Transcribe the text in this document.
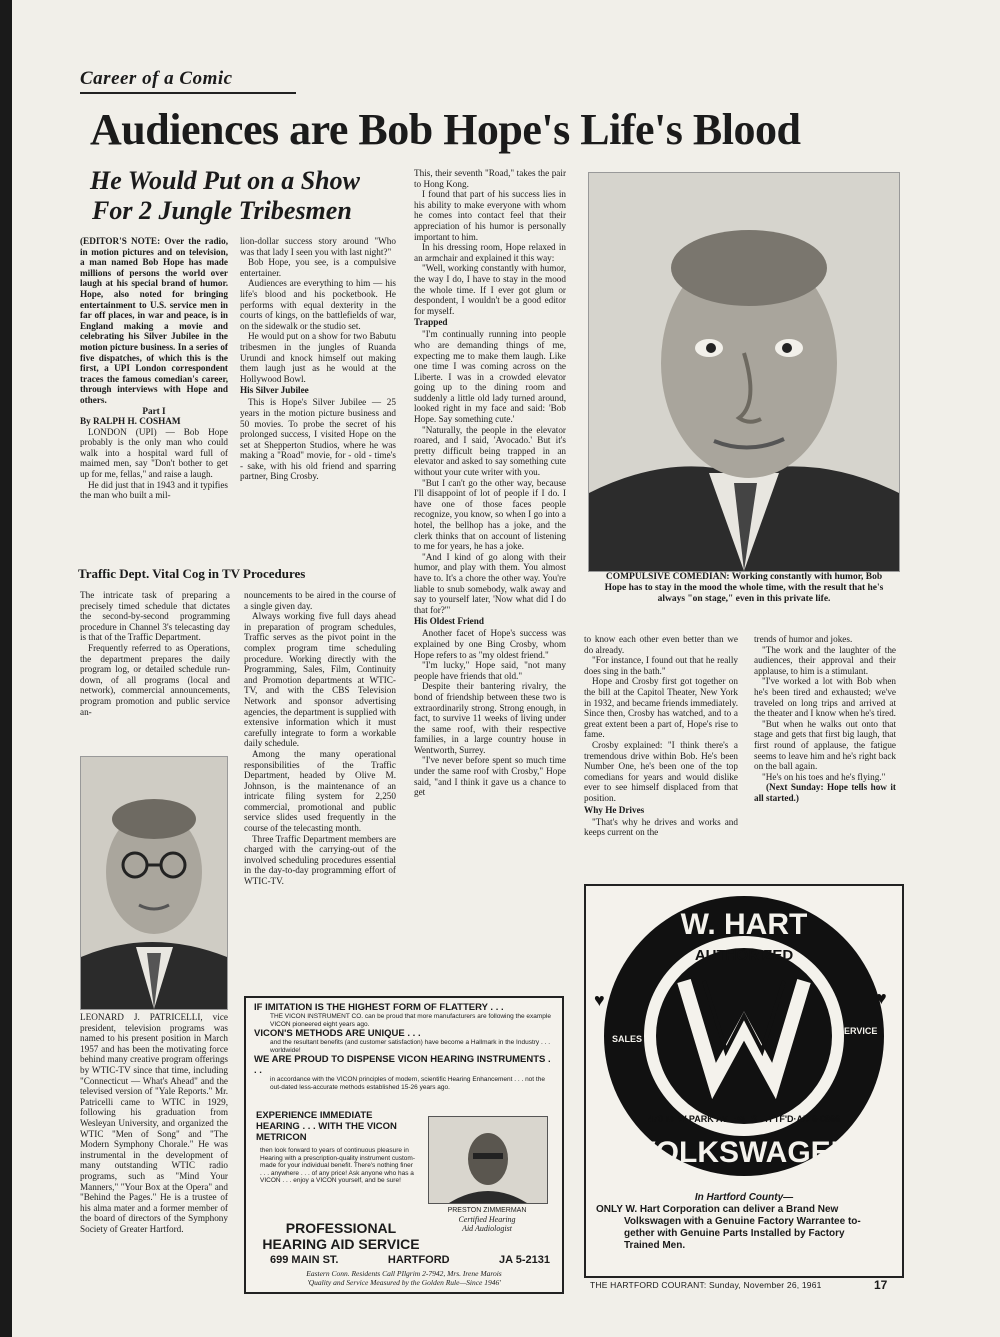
Career of a Comic
Audiences are Bob Hope's Life's Blood
He Would Put on a Show
For 2 Jungle Tribesmen

(EDITOR'S NOTE: Over the radio, in motion pictures and on television, a man named Bob Hope has made millions of persons the world over laugh at his special brand of humor. Hope, also noted for bringing entertainment to U.S. service men in far off places, in war and peace, is in England making a movie and celebrating his Silver Jubilee in the motion picture business. In a series of five dispatches, of which this is the first, a UPI London correspondent traces the famous comedian's career, through interviews with Hope and others.

Part I

By RALPH H. COSHAM

LONDON (UPI) — Bob Hope probably is the only man who could walk into a hospital ward full of maimed men, say "Don't bother to get up for me, fellas," and raise a laugh.

He did just that in 1943 and it typifies the man who built a mil-

lion-dollar success story around "Who was that lady I seen you with last night?"

Bob Hope, you see, is a compulsive entertainer.

Audiences are everything to him — his life's blood and his pocketbook. He performs with equal dexterity in the courts of kings, on the battlefields of war, on the sidewalk or the studio set.

He would put on a show for two Babutu tribesmen in the jungles of Ruanda Urundi and knock himself out making them laugh just as he would at the Hollywood Bowl.

His Silver Jubilee

This is Hope's Silver Jubilee — 25 years in the motion picture business and 50 movies. To probe the secret of his prolonged success, I visited Hope on the set at Shepperton Studios, where he was making a "Road" movie, for - old - time's - sake, with his old friend and sparring partner, Bing Crosby.

This, their seventh "Road," takes the pair to Hong Kong.

I found that part of his success lies in his ability to make everyone with whom he comes into contact feel that their appreciation of his humor is personally important to him.

In his dressing room, Hope relaxed in an armchair and explained it this way:

"Well, working constantly with humor, the way I do, I have to stay in the mood the whole time. If I ever got glum or despondent, I wouldn't be a good editor for myself.

Trapped

"I'm continually running into people who are demanding things of me, expecting me to make them laugh. Like one time I was coming across on the Liberte. I was in a crowded elevator going up to the dining room and suddenly a little old lady turned around, looked right in my face and said: 'Bob Hope. Say something cute.'

"Naturally, the people in the elevator roared, and I said, 'Avocado.' But it's pretty difficult being trapped in an elevator and asked to say something cute without your cute writer with you.

"But I can't go the other way, because I'll disappoint of lot of people if I do. I have one of those faces people recognize, you know, so when I go into a hotel, the bellhop has a joke, and the clerk thinks that on account of listening to me for years, he has a joke.

"And I kind of go along with their humor, and play with them. You almost have to. It's a chore the other way. You're liable to snub somebody, walk away and say to yourself later, 'Now what did I do that for?'"

His Oldest Friend

Another facet of Hope's success was explained by one Bing Crosby, whom Hope refers to as "my oldest friend."

"I'm lucky," Hope said, "not many people have friends that old."

Despite their bantering rivalry, the bond of friendship between these two is extraordinarily strong. Strong enough, in fact, to survive 11 weeks of living under the same roof, with their respective families, in a large country house in Wentworth, Surrey.

"I've never before spent so much time under the same roof with Crosby," Hope said, "and I think it gave us a chance to get

COMPULSIVE COMEDIAN: Working constantly with humor, Bob Hope has to stay in the mood the whole time, with the result that he's always "on stage," even in this private life.

to know each other even better than we do already.

"For instance, I found out that he really does sing in the bath."

Hope and Crosby first got together on the bill at the Capitol Theater, New York in 1932, and became friends immediately. Since then, Crosby has watched, and to a great extent been a part of, Hope's rise to fame.

Crosby explained: "I think there's a tremendous drive within Bob. He's been Number One, he's been one of the top comedians for years and would dislike ever to see himself displaced from that position.

Why He Drives

"That's why he drives and works and keeps current on the

trends of humor and jokes.

"The work and the laughter of the audiences, their approval and their applause, to him is a stimulant.

"I've worked a lot with Bob when he's been tired and exhausted; we've traveled on long trips and arrived at the theater and I know when he's tired.

"But when he walks out onto that stage and gets that first big laugh, that first round of applause, the fatigue seems to leave him and he's right back on the ball again.

"He's on his toes and he's flying."

(Next Sunday: Hope tells how it all started.)

Traffic Dept. Vital Cog in TV Procedures

The intricate task of preparing a precisely timed schedule that dictates the second-by-second programming procedure in Channel 3's telecasting day is that of the Traffic Department.

Frequently referred to as Operations, the department prepares the daily program log, or detailed schedule run-down, of all programs (local and network), commercial announcements, program promotion and public service an-

nouncements to be aired in the course of a single given day.

Always working five full days ahead in preparation of program schedules, Traffic serves as the pivot point in the complex program time scheduling procedure. Working directly with the Programming, Sales, Film, Continuity and Promotion departments at WTIC-TV, and with the CBS Television Network and sponsor advertising agencies, the department is supplied with extensive information which it must carefully integrate to form a workable daily schedule.

Among the many operational responsibilities of the Traffic Department, headed by Olive M. Johnson, is the maintenance of an intricate filing system for 2,250 commercial, promotional and public service slides used frequently in the course of the telecasting month.

Three Traffic Department members are charged with the carrying-out of the involved scheduling procedures essential in the day-to-day programming effort of WTIC-TV.

LEONARD J. PATRICELLI, vice president, television programs was named to his present position in March 1957 and has been the motivating force behind many creative program offerings by WTIC-TV since that time, including "Connecticut — What's Ahead" and the televised version of "Yale Reports." Mr. Patricelli came to WTIC in 1929, following his graduation from Wesleyan University, and organized the WTIC "Men of Song" and "The Modern Symphony Chorale." He was instrumental in the development of many outstanding WTIC radio programs, such as "Mind Your Manners," "Your Box at the Opera" and "Behind the Pages." He is a trustee of his alma mater and a former member of the board of directors of the Symphony Society of Greater Hartford.

IF IMITATION IS THE HIGHEST FORM OF FLATTERY . . .
THE VICON INSTRUMENT CO. can be proud that more manufacturers are following the example VICON pioneered eight years ago.
VICON'S METHODS ARE UNIQUE . . .
and the resultant benefits (and customer satisfaction) have become a Hallmark in the Industry . . . worldwide!
WE ARE PROUD TO DISPENSE VICON HEARING INSTRUMENTS . . .
in accordance with the VICON principles of modern, scientific Hearing Enhancement . . . not the out-dated less-accurate methods established 15-26 years ago.
EXPERIENCE IMMEDIATE HEARING . . . WITH THE VICON METRICON
then look forward to years of continuous pleasure in Hearing with a prescription-quality instrument custom-made for your individual benefit. There's nothing finer . . . anywhere . . . of any price! Ask anyone who has a VICON . . . enjoy a VICON yourself, and be sure!
PRESTON ZIMMERMAN
Certified Hearing
Aid Audiologist
PROFESSIONAL
HEARING AID SERVICE
699 MAIN ST.	HARTFORD	JA 5-2131
Eastern Conn. Residents Call PIlgrim 2-7942, Mrs. Irene Marois
'Quality and Service Measured by the Golden Rule—Since 1946'
W. HART
AUTHORIZED
SALES
SERVICE
470 NEW PARK AVE·WEST H'TF'D·AD 6-0866
VOLKSWAGEN
♥	♥
In Hartford County—
ONLY W. Hart Corporation can deliver a Brand New
Volkswagen with a Genuine Factory Warrantee to-
gether with Genuine Parts Installed by Factory
Trained Men.
THE HARTFORD COURANT: Sunday, November 26, 1961	17
